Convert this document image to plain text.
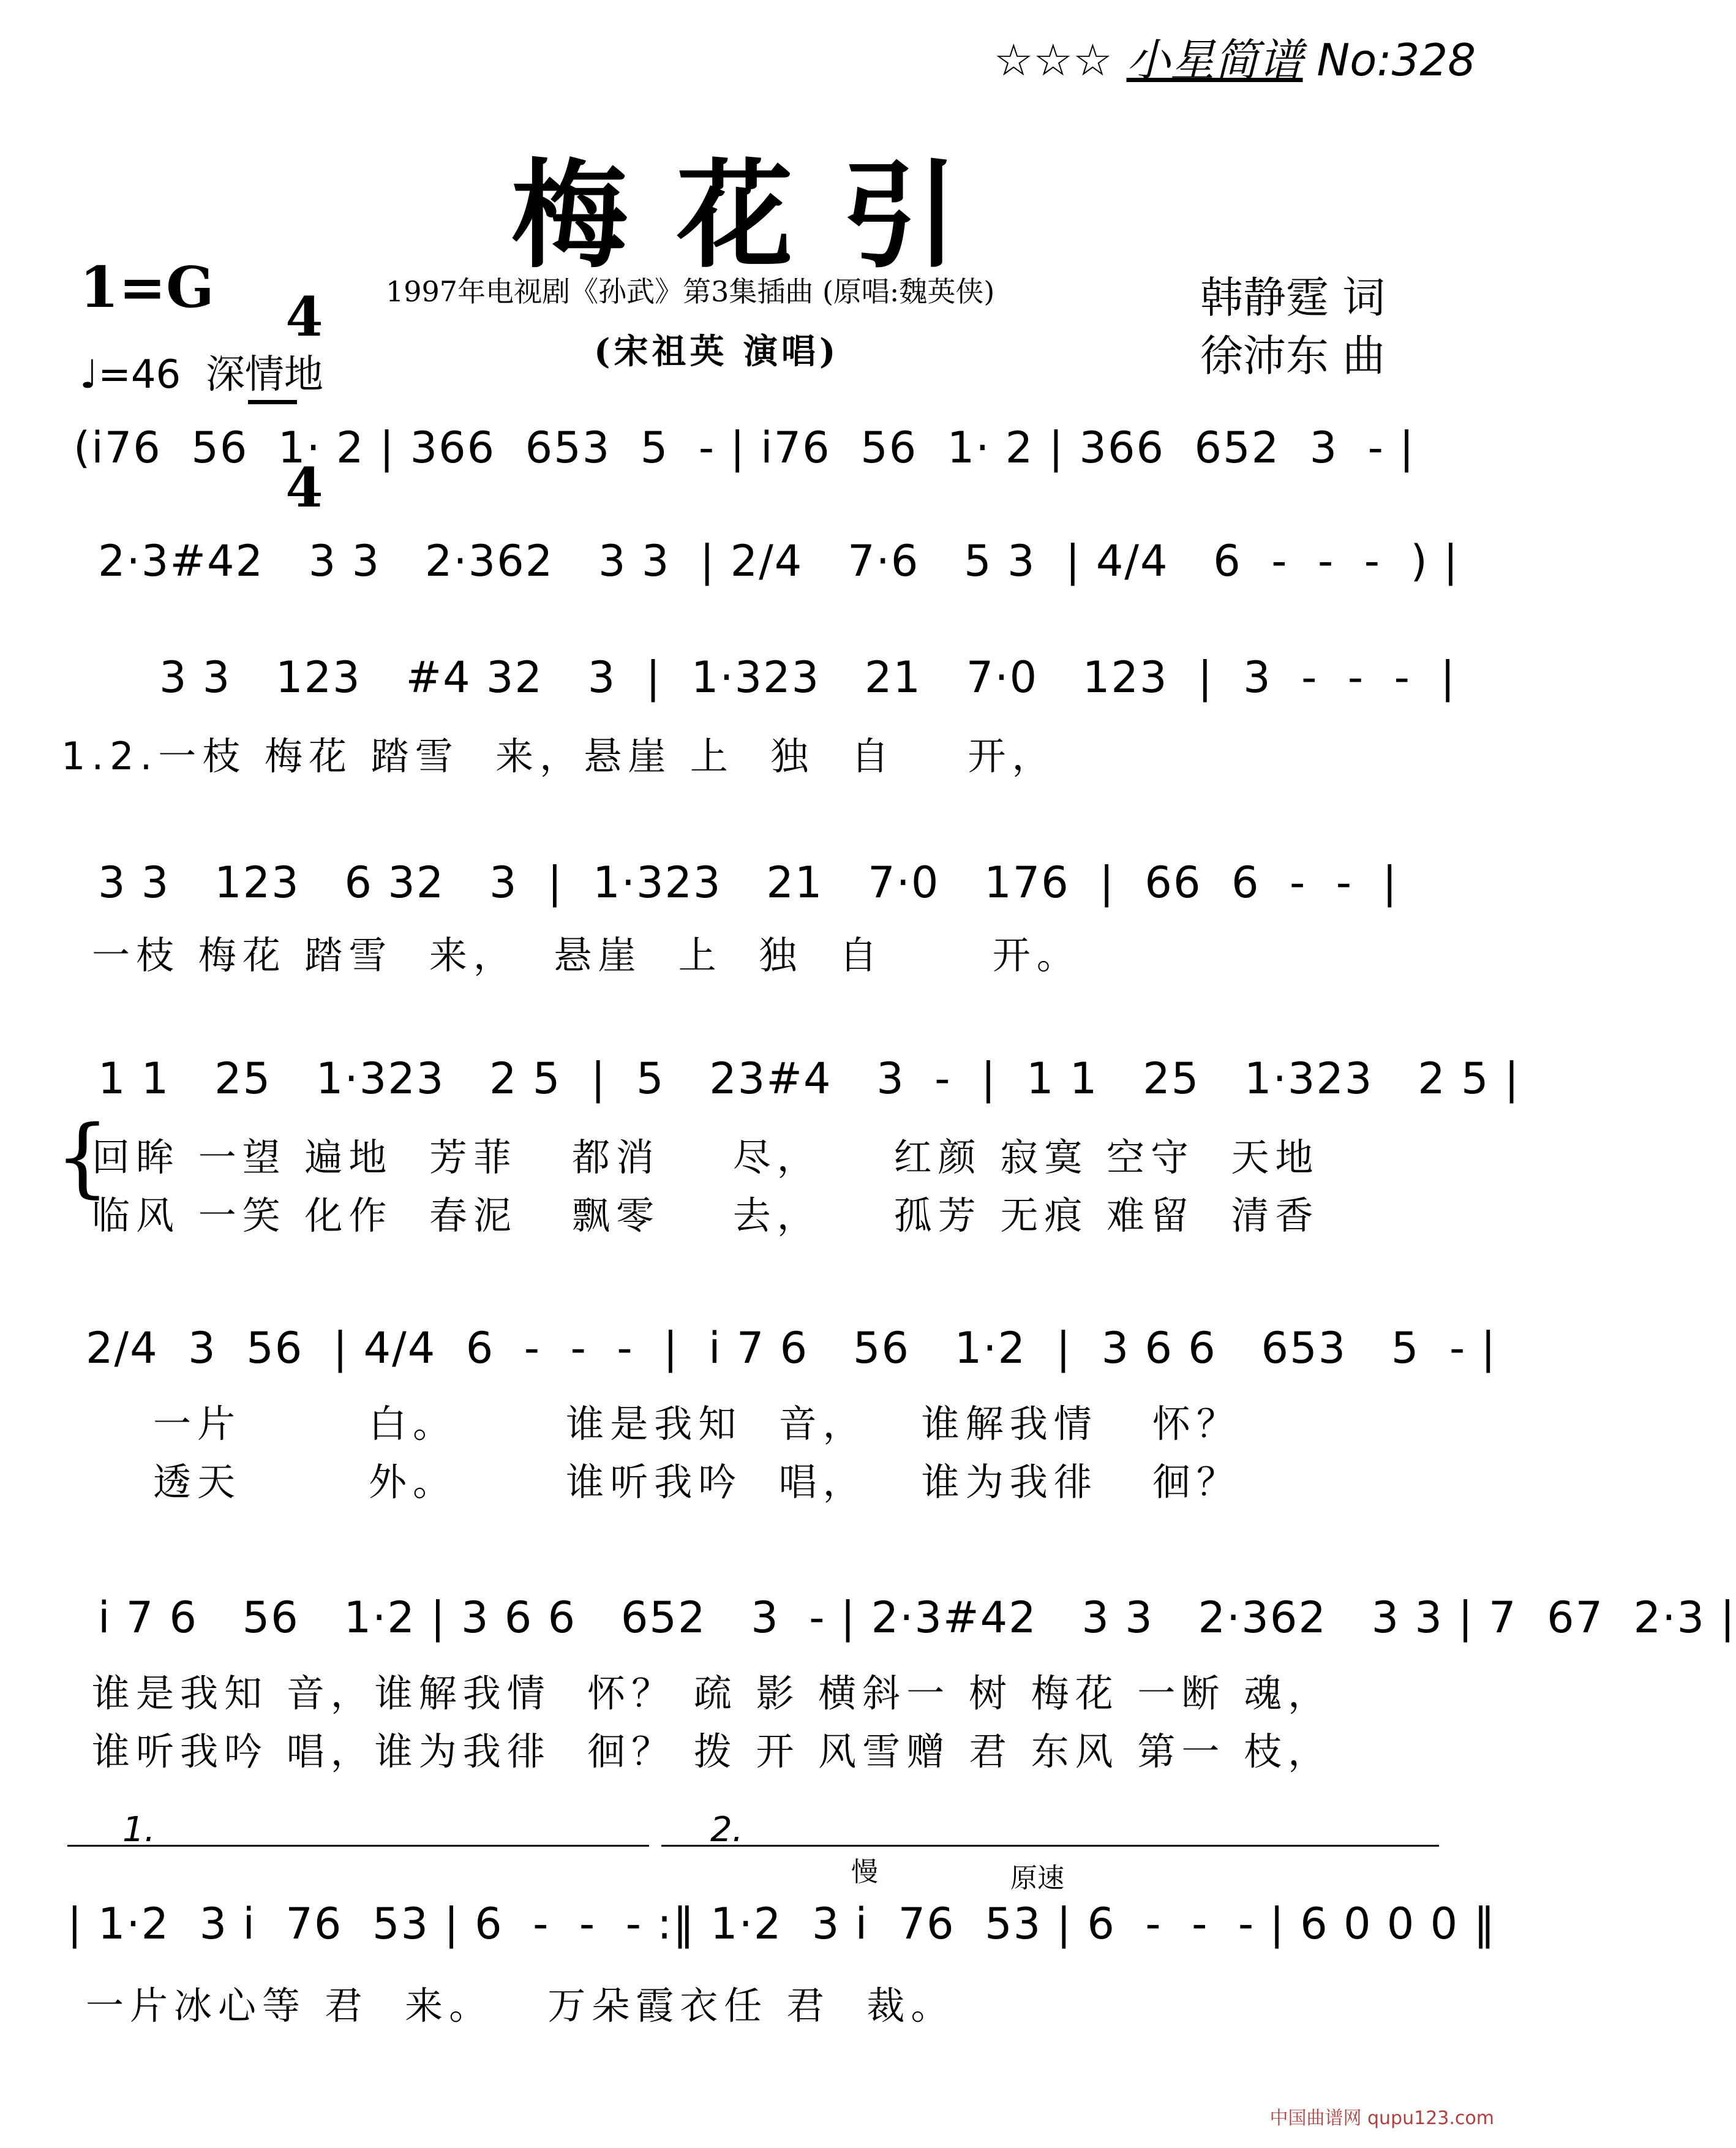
☆☆☆ 小星简谱 No:328
梅花引
1=G	4

4

♩=46  深情地
1997年电视剧《孙武》第3集插曲 (原唱:魏英侠)
(宋祖英 演唱)
韩静霆 词
徐沛东 曲
(i76  56  1· 2 | 366  653  5  - | i76  56  1· 2 | 366  652  3  - |
2·3#42   3 3   2·362   3 3  | 2/4   7·6   5 3  | 4/4   6  -  -  -  ) |
3 3   123   #4 32   3  |  1·323   21   7·0   123  |  3  -  -  -  |
1.2.一枝 梅花 踏雪  来，悬崖 上  独  自    开，
3 3   123   6 32   3  |  1·323   21   7·0   176  |  66  6  -  -  |
一枝 梅花 踏雪  来，  悬崖  上  独  自      开。
1 1   25   1·323   2 5  |  5   23#4   3  -  |  1 1   25   1·323   2 5 |
{
回眸 一望 遍地  芳菲   都消    尽，    红颜 寂寞 空守  天地
临风 一笑 化作  春泥   飘零    去，    孤芳 无痕 难留  清香
2/4  3  56  | 4/4  6  -  -  -  |  i 7 6   56   1·2  |  3 6 6   653   5  - |
一片       白。      谁是我知  音，   谁解我情   怀？
透天       外。      谁听我吟  唱，   谁为我徘   徊？
i 7 6   56   1·2 | 3 6 6   652   3  - | 2·3#42   3 3   2·362   3 3 | 7  67  2·3 |
谁是我知 音，谁解我情  怀？ 疏 影 横斜一 树 梅花 一断 魂，
谁听我吟 唱，谁为我徘  徊？ 拨 开 风雪赠 君 东风 第一 枝，
1.	2.
慢	原速
| 1·2  3 i  76  53 | 6  -  -  - :‖ 1·2  3 i  76  53 | 6  -  -  - | 6 0 0 0 ‖
一片冰心等 君  来。   万朵霞衣任 君  裁。
中国曲谱网 qupu123.com
